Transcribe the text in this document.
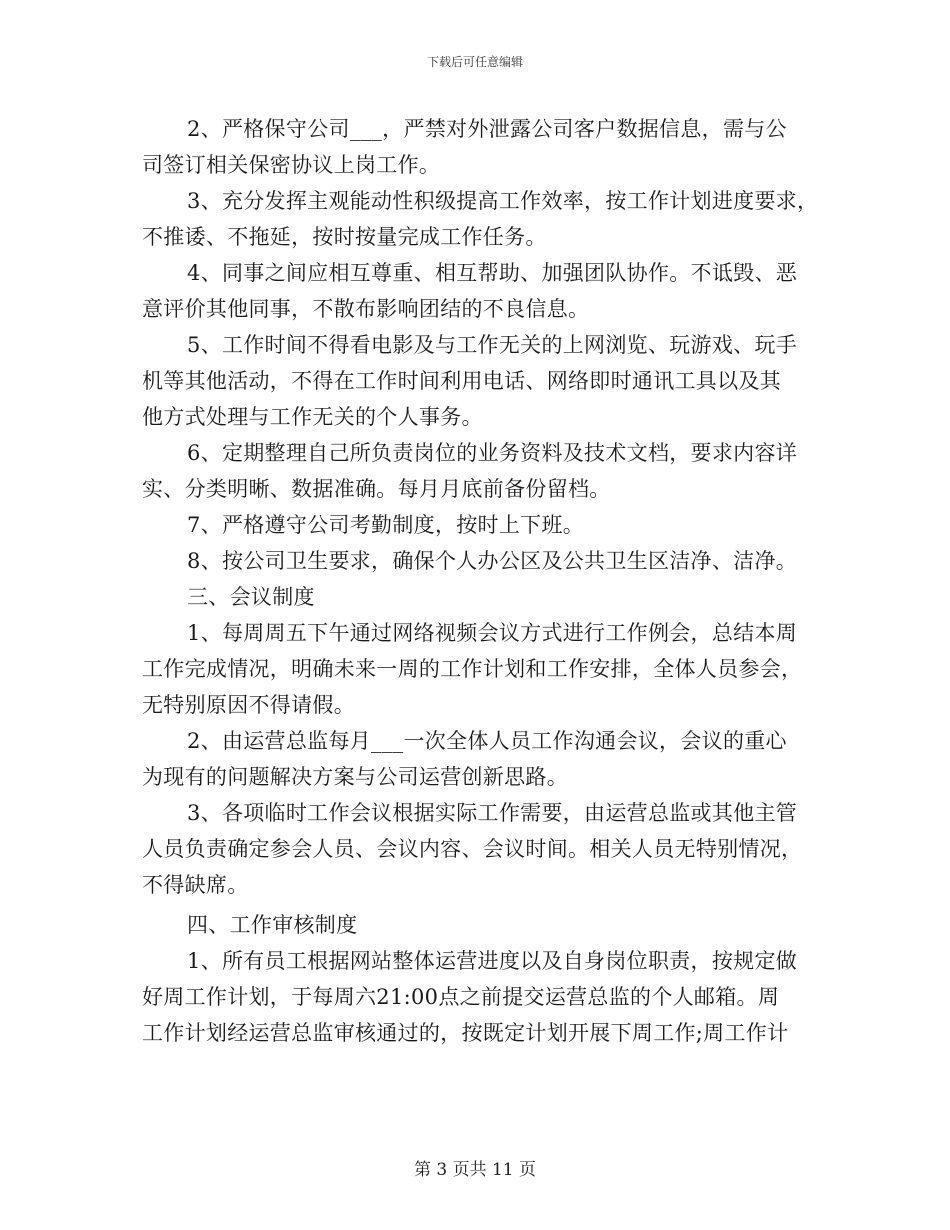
下载后可任意编辑
2、严格保守公司___，严禁对外泄露公司客户数据信息，需与公
司签订相关保密协议上岗工作。
3、充分发挥主观能动性积级提高工作效率，按工作计划进度要求，
不推诿、不拖延，按时按量完成工作任务。
4、同事之间应相互尊重、相互帮助、加强团队协作。不诋毁、恶
意评价其他同事，不散布影响团结的不良信息。
5、工作时间不得看电影及与工作无关的上网浏览、玩游戏、玩手
机等其他活动，不得在工作时间利用电话、网络即时通讯工具以及其
他方式处理与工作无关的个人事务。
6、定期整理自己所负责岗位的业务资料及技术文档，要求内容详
实、分类明晰、数据准确。每月月底前备份留档。
7、严格遵守公司考勤制度，按时上下班。
8、按公司卫生要求，确保个人办公区及公共卫生区洁净、洁净。
三、会议制度
1、每周周五下午通过网络视频会议方式进行工作例会，总结本周
工作完成情况，明确未来一周的工作计划和工作安排，全体人员参会，
无特别原因不得请假。
2、由运营总监每月___一次全体人员工作沟通会议，会议的重心
为现有的问题解决方案与公司运营创新思路。
3、各项临时工作会议根据实际工作需要，由运营总监或其他主管
人员负责确定参会人员、会议内容、会议时间。相关人员无特别情况，
不得缺席。
四、工作审核制度
1、所有员工根据网站整体运营进度以及自身岗位职责，按规定做
好周工作计划，于每周六21:00点之前提交运营总监的个人邮箱。周
工作计划经运营总监审核通过的，按既定计划开展下周工作;周工作计
第 3 页共 11 页
